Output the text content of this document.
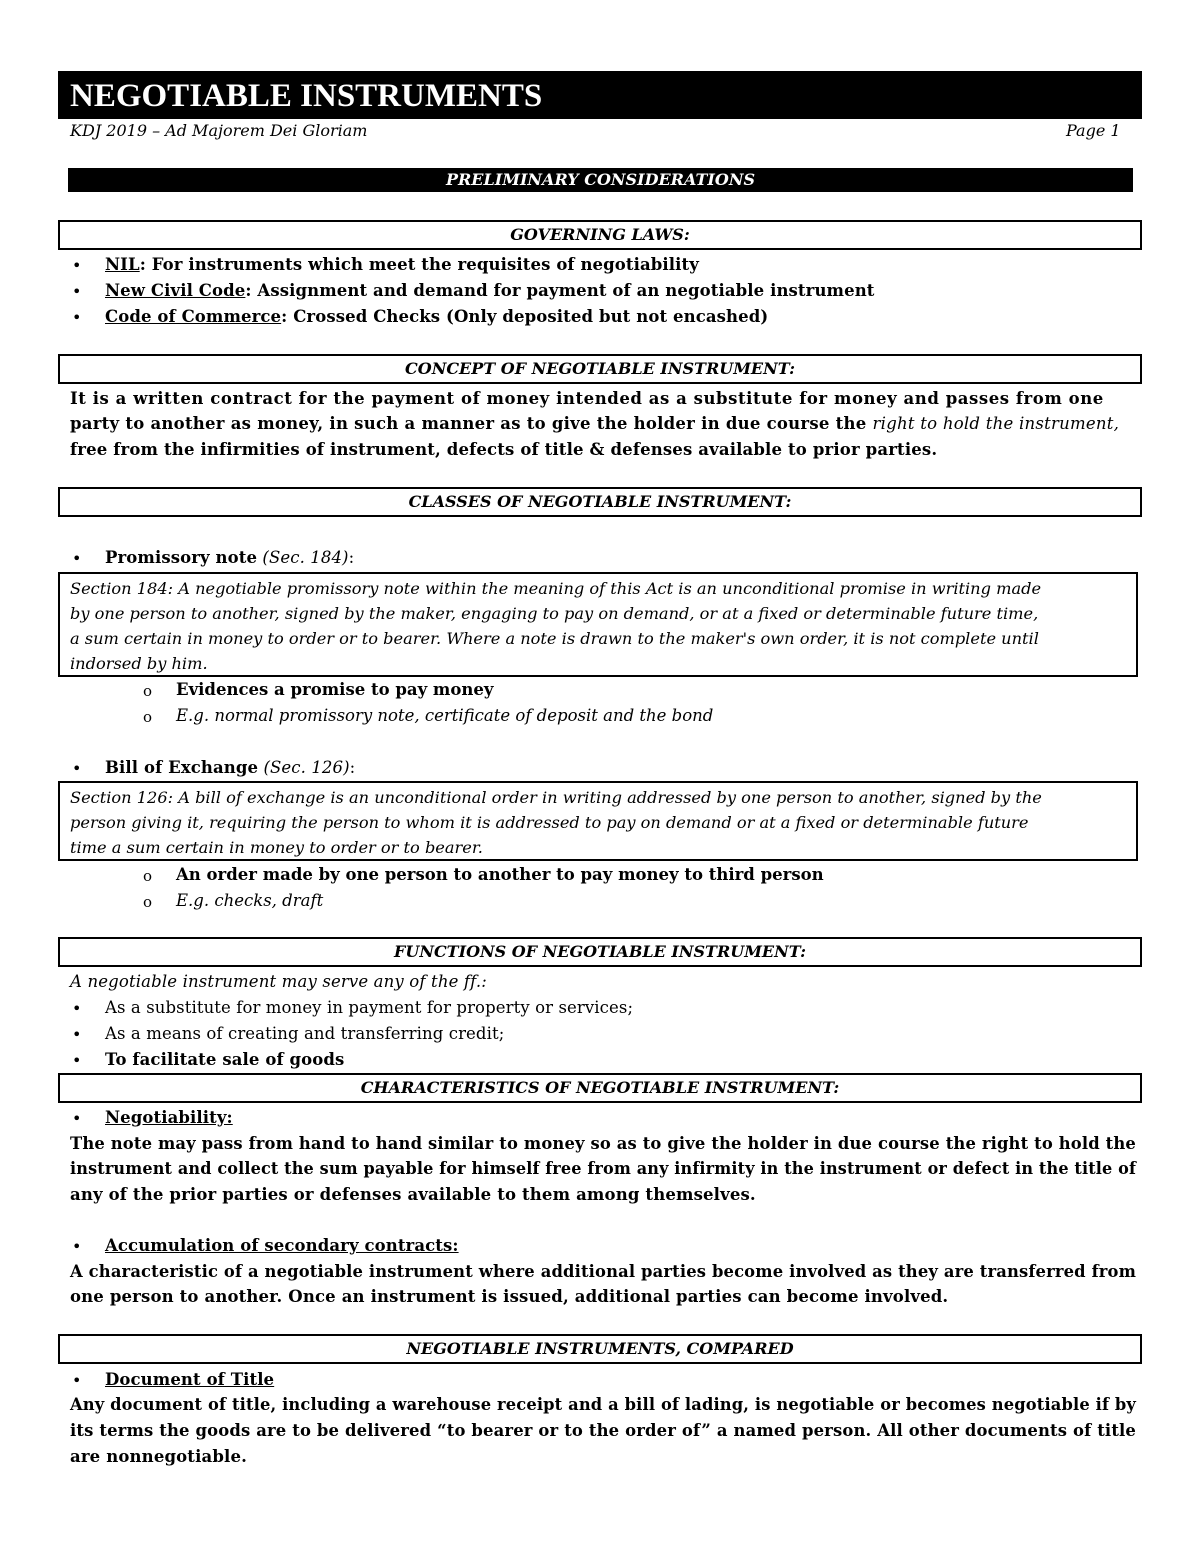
NEGOTIABLE INSTRUMENTS
KDJ 2019 – Ad Majorem Dei Gloriam	Page 1
PRELIMINARY CONSIDERATIONS
GOVERNING LAWS:
• NIL: For instruments which meet the requisites of negotiability
• New Civil Code: Assignment and demand for payment of an negotiable instrument
• Code of Commerce: Crossed Checks (Only deposited but not encashed)
CONCEPT OF NEGOTIABLE INSTRUMENT:
It is a written contract for the payment of money intended as a substitute for money and passes from one
party to another as money, in such a manner as to give the holder in due course the right to hold the instrument,
free from the infirmities of instrument, defects of title & defenses available to prior parties.
CLASSES OF NEGOTIABLE INSTRUMENT:
• Promissory note (Sec. 184):
Section 184: A negotiable promissory note within the meaning of this Act is an unconditional promise in writing made
by one person to another, signed by the maker, engaging to pay on demand, or at a fixed or determinable future time,
a sum certain in money to order or to bearer. Where a note is drawn to the maker's own order, it is not complete until
indorsed by him.
o Evidences a promise to pay money
o E.g. normal promissory note, certificate of deposit and the bond
• Bill of Exchange (Sec. 126):
Section 126: A bill of exchange is an unconditional order in writing addressed by one person to another, signed by the
person giving it, requiring the person to whom it is addressed to pay on demand or at a fixed or determinable future
time a sum certain in money to order or to bearer.
o An order made by one person to another to pay money to third person
o E.g. checks, draft
FUNCTIONS OF NEGOTIABLE INSTRUMENT:
A negotiable instrument may serve any of the ff.:
• As a substitute for money in payment for property or services;
• As a means of creating and transferring credit;
• To facilitate sale of goods
CHARACTERISTICS OF NEGOTIABLE INSTRUMENT:
• Negotiability:
The note may pass from hand to hand similar to money so as to give the holder in due course the right to hold the
instrument and collect the sum payable for himself free from any infirmity in the instrument or defect in the title of
any of the prior parties or defenses available to them among themselves.
• Accumulation of secondary contracts:
A characteristic of a negotiable instrument where additional parties become involved as they are transferred from
one person to another. Once an instrument is issued, additional parties can become involved.
NEGOTIABLE INSTRUMENTS, COMPARED
• Document of Title
Any document of title, including a warehouse receipt and a bill of lading, is negotiable or becomes negotiable if by
its terms the goods are to be delivered “to bearer or to the order of” a named person. All other documents of title
are nonnegotiable.
